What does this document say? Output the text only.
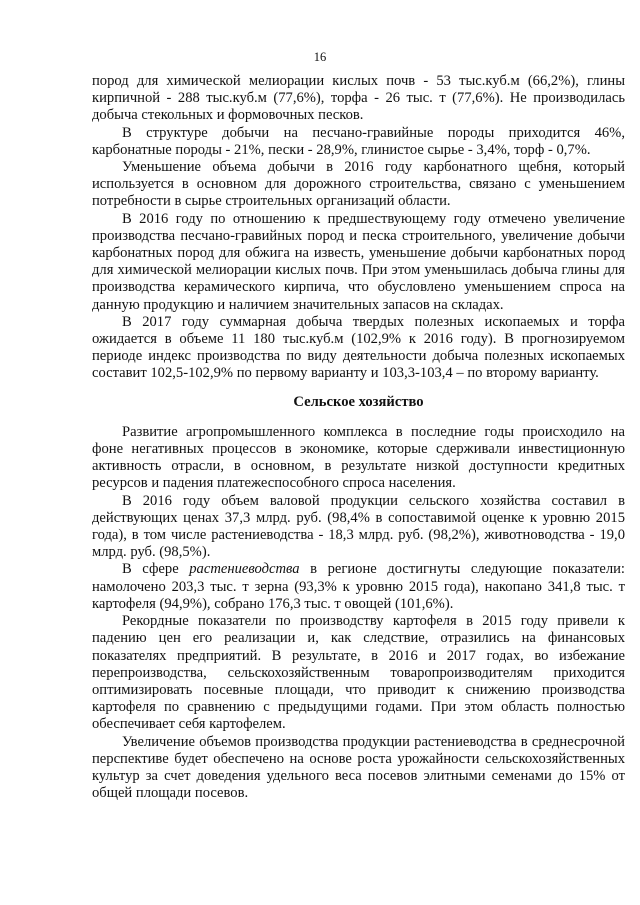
16

пород для химической мелиорации кислых почв - 53 тыс.куб.м (66,2%), глины кирпичной - 288 тыс.куб.м (77,6%), торфа - 26 тыс. т (77,6%). Не производилась добыча стекольных и формовочных песков.

В структуре добычи на песчано-гравийные породы приходится 46%, карбонатные породы - 21%, пески - 28,9%, глинистое сырье - 3,4%, торф - 0,7%.

Уменьшение объема добычи в 2016 году карбонатного щебня, который используется в основном для дорожного строительства, связано с уменьшением потребности в сырье строительных организаций области.

В 2016 году по отношению к предшествующему году отмечено увеличение производства песчано-гравийных пород и песка строительного, увеличение добычи карбонатных пород для обжига на известь, уменьшение добычи карбонатных пород для химической мелиорации кислых почв. При этом уменьшилась добыча глины для производства керамического кирпича, что обусловлено уменьшением спроса на данную продукцию и наличием значительных запасов на складах.

В 2017 году суммарная добыча твердых полезных ископаемых и торфа ожидается в объеме 11 180 тыс.куб.м (102,9% к 2016 году). В прогнозируемом периоде индекс производства по виду деятельности добыча полезных ископаемых составит 102,5-102,9% по первому варианту и 103,3-103,4 – по второму варианту.

Сельское хозяйство

Развитие агропромышленного комплекса в последние годы происходило на фоне негативных процессов в экономике, которые сдерживали инвестиционную активность отрасли, в основном, в результате низкой доступности кредитных ресурсов и падения платежеспособного спроса населения.

В 2016 году объем валовой продукции сельского хозяйства составил в действующих ценах 37,3 млрд. руб. (98,4% в сопоставимой оценке к уровню 2015 года), в том числе растениеводства - 18,3 млрд. руб. (98,2%), животноводства - 19,0 млрд. руб. (98,5%).

В сфере растениеводства в регионе достигнуты следующие показатели: намолочено 203,3 тыс. т зерна (93,3% к уровню 2015 года), накопано 341,8 тыс. т картофеля (94,9%), собрано 176,3 тыс. т овощей (101,6%).

Рекордные показатели по производству картофеля в 2015 году привели к падению цен его реализации и, как следствие, отразились на финансовых показателях предприятий. В результате, в 2016 и 2017 годах, во избежание перепроизводства, сельскохозяйственным товаропроизводителям приходится оптимизировать посевные площади, что приводит к снижению производства картофеля по сравнению с предыдущими годами. При этом область полностью обеспечивает себя картофелем.

Увеличение объемов производства продукции растениеводства в среднесрочной перспективе будет обеспечено на основе роста урожайности сельскохозяйственных культур за счет доведения удельного веса посевов элитными семенами до 15% от общей площади посевов.
